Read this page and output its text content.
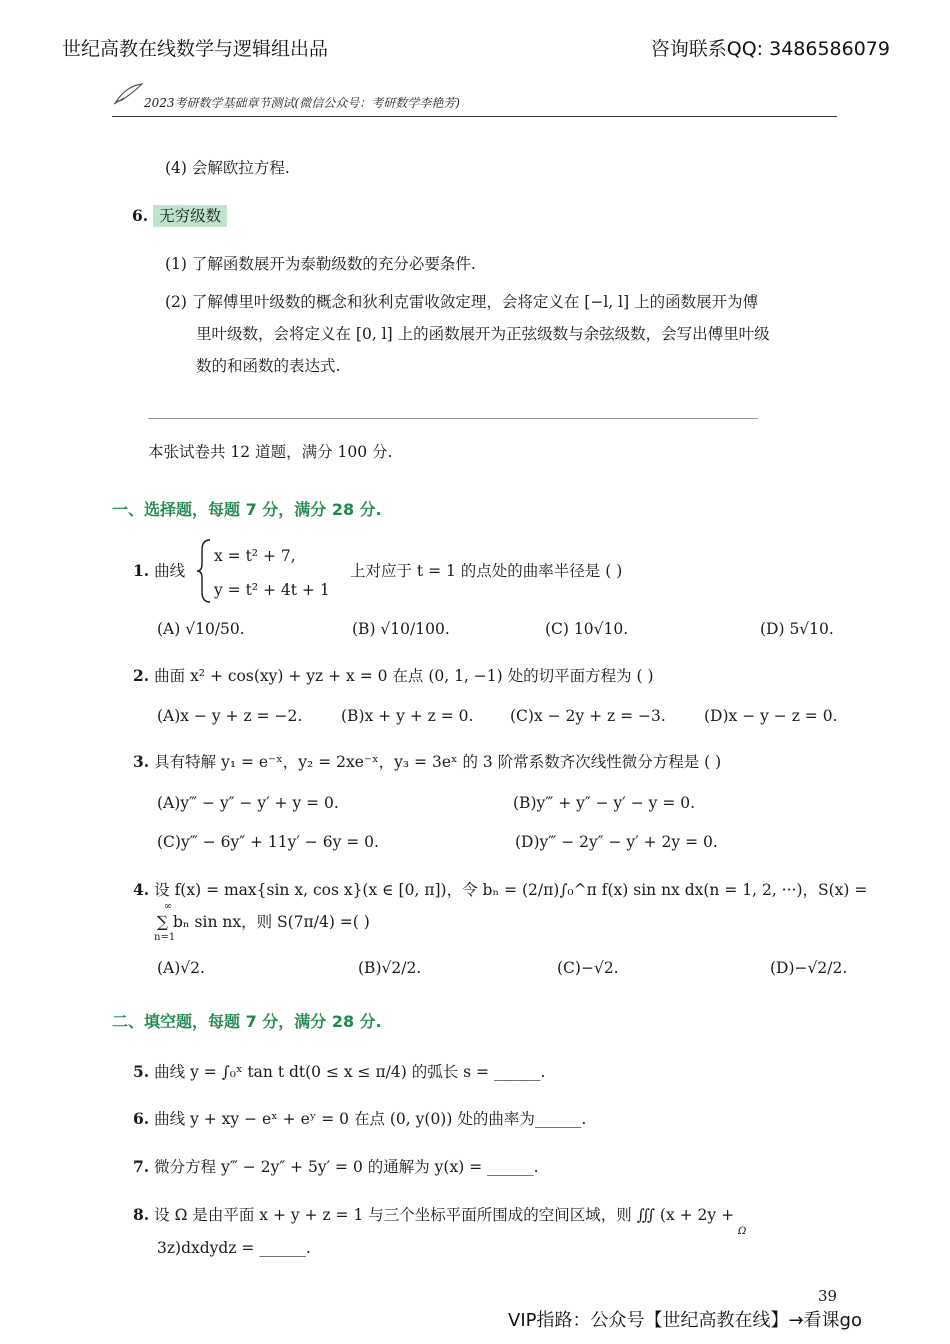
世纪高教在线数学与逻辑组出品	咨询联系QQ: 3486586079
2023考研数学基础章节测试(微信公众号：考研数学李艳芳)
(4) 会解欧拉方程.
6. 无穷级数
(1) 了解函数展开为泰勒级数的充分必要条件.
(2) 了解傅里叶级数的概念和狄利克雷收敛定理，会将定义在 [−l, l] 上的函数展开为傅
里叶级数，会将定义在 [0, l] 上的函数展开为正弦级数与余弦级数，会写出傅里叶级
数的和函数的表达式.
本张试卷共 12 道题，满分 100 分.
一、选择题，每题 7 分，满分 28 分.
1. 曲线
x = t² + 7,
y = t² + 4t + 1
上对应于 t = 1 的点处的曲率半径是 ( )
(A) √10/50.	(B) √10/100.	(C) 10√10.	(D) 5√10.
2. 曲面 x² + cos(xy) + yz + x = 0 在点 (0, 1, −1) 处的切平面方程为 ( )
(A)x − y + z = −2. (B)x + y + z = 0. (C)x − 2y + z = −3. (D)x − y − z = 0.
3. 具有特解 y₁ = e⁻ˣ，y₂ = 2xe⁻ˣ，y₃ = 3eˣ 的 3 阶常系数齐次线性微分方程是 ( )
(A)y‴ − y″ − y′ + y = 0.	(B)y‴ + y″ − y′ − y = 0.
(C)y‴ − 6y″ + 11y′ − 6y = 0.	(D)y‴ − 2y″ − y′ + 2y = 0.
4. 设 f(x) = max{sin x, cos x}(x ∈ [0, π])，令 bₙ = (2/π)∫₀^π f(x) sin nx dx(n = 1, 2, ···)，S(x) =
∞
∑ bₙ sin nx，则 S(7π/4) =( )
n=1
(A)√2.	(B)√2/2.	(C)−√2.	(D)−√2/2.
二、填空题，每题 7 分，满分 28 分.
5. 曲线 y = ∫₀ˣ tan t dt(0 ≤ x ≤ π/4) 的弧长 s = ______.
6. 曲线 y + xy − eˣ + eʸ = 0 在点 (0, y(0)) 处的曲率为______.
7. 微分方程 y‴ − 2y″ + 5y′ = 0 的通解为 y(x) = ______.
8. 设 Ω 是由平面 x + y + z = 1 与三个坐标平面所围成的空间区域，则 ∭ (x + 2y +
Ω
3z)dxdydz = ______.
39
VIP指路：公众号【世纪高教在线】→看课go
